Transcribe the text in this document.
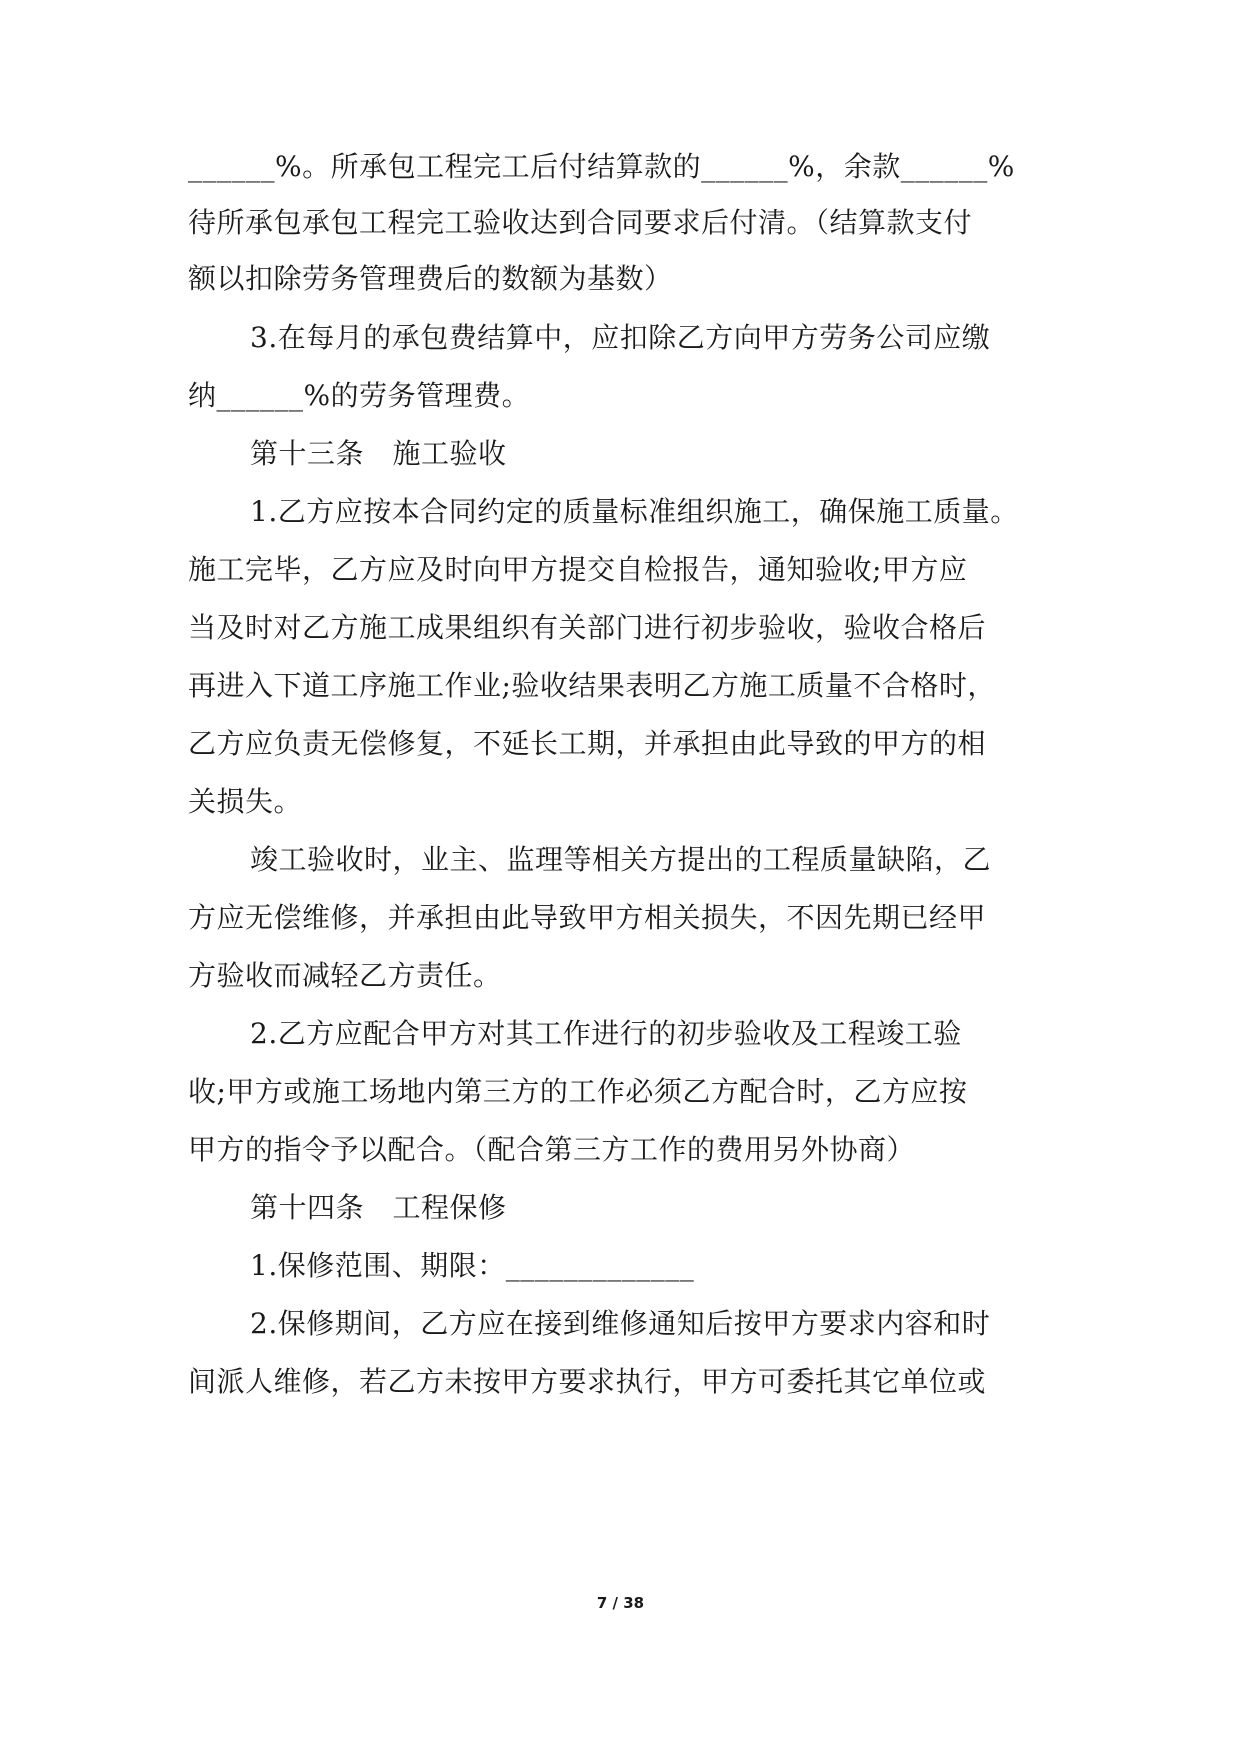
______%。所承包工程完工后付结算款的______%，余款______%
待所承包承包工程完工验收达到合同要求后付清。（结算款支付
额以扣除劳务管理费后的数额为基数）
3.在每月的承包费结算中，应扣除乙方向甲方劳务公司应缴
纳______%的劳务管理费。
第十三条　施工验收
1.乙方应按本合同约定的质量标准组织施工，确保施工质量。
施工完毕，乙方应及时向甲方提交自检报告，通知验收;甲方应
当及时对乙方施工成果组织有关部门进行初步验收，验收合格后
再进入下道工序施工作业;验收结果表明乙方施工质量不合格时，
乙方应负责无偿修复，不延长工期，并承担由此导致的甲方的相
关损失。
竣工验收时，业主、监理等相关方提出的工程质量缺陷，乙
方应无偿维修，并承担由此导致甲方相关损失，不因先期已经甲
方验收而减轻乙方责任。
2.乙方应配合甲方对其工作进行的初步验收及工程竣工验
收;甲方或施工场地内第三方的工作必须乙方配合时，乙方应按
甲方的指令予以配合。（配合第三方工作的费用另外协商）
第十四条　工程保修
1.保修范围、期限：_____________
2.保修期间，乙方应在接到维修通知后按甲方要求内容和时
间派人维修，若乙方未按甲方要求执行，甲方可委托其它单位或
7 / 38
